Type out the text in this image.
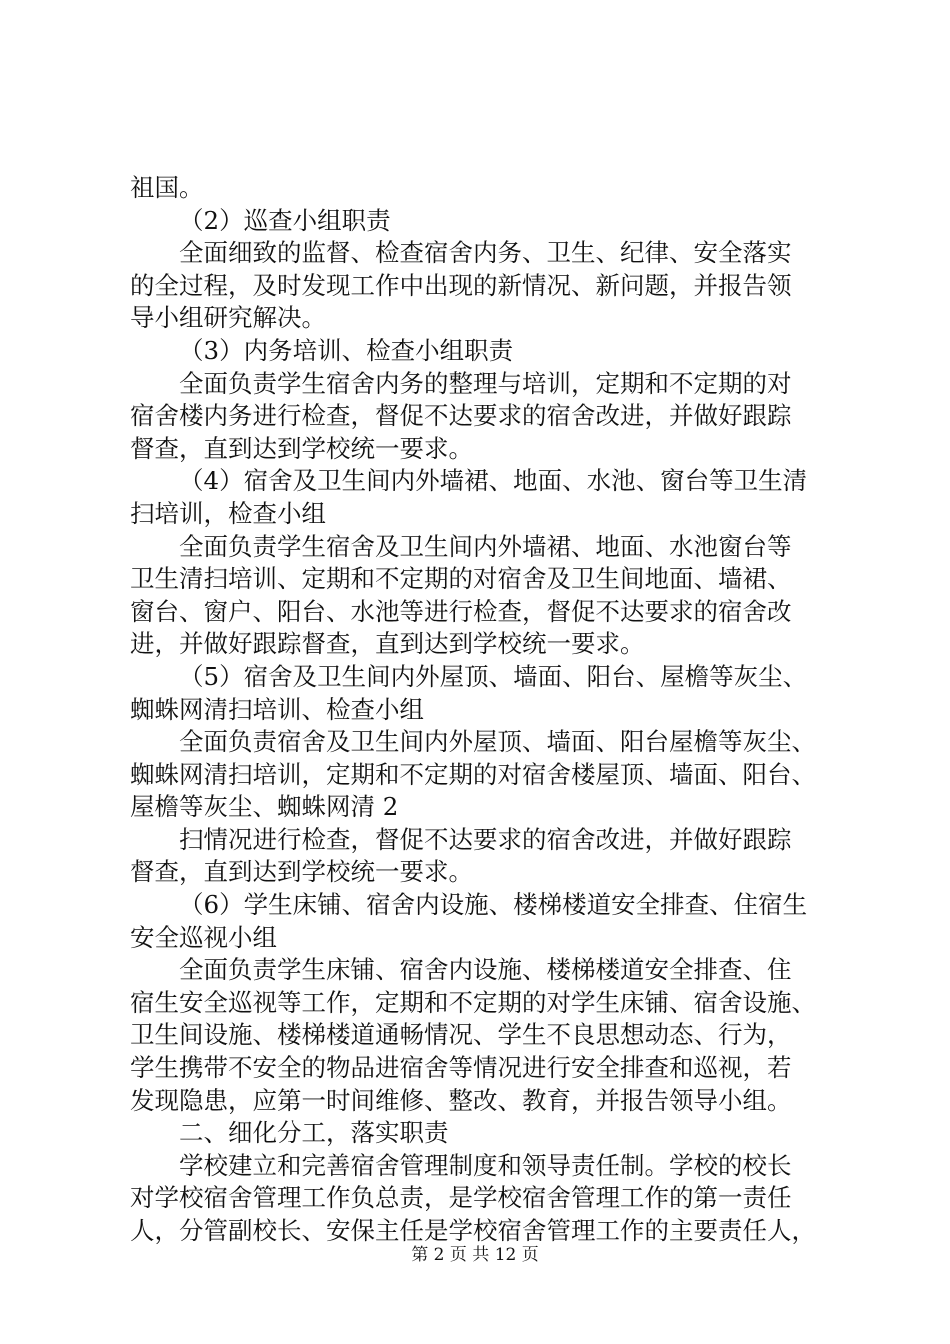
祖国。
（2）巡查小组职责
全面细致的监督、检查宿舍内务、卫生、纪律、安全落实
的全过程，及时发现工作中出现的新情况、新问题，并报告领
导小组研究解决。
（3）内务培训、检查小组职责
全面负责学生宿舍内务的整理与培训，定期和不定期的对
宿舍楼内务进行检查，督促不达要求的宿舍改进，并做好跟踪
督查，直到达到学校统一要求。
（4）宿舍及卫生间内外墙裙、地面、水池、窗台等卫生清
扫培训，检查小组
全面负责学生宿舍及卫生间内外墙裙、地面、水池窗台等
卫生清扫培训、定期和不定期的对宿舍及卫生间地面、墙裙、
窗台、窗户、阳台、水池等进行检查，督促不达要求的宿舍改
进，并做好跟踪督查，直到达到学校统一要求。
（5）宿舍及卫生间内外屋顶、墙面、阳台、屋檐等灰尘、
蜘蛛网清扫培训、检查小组
全面负责宿舍及卫生间内外屋顶、墙面、阳台屋檐等灰尘、
蜘蛛网清扫培训，定期和不定期的对宿舍楼屋顶、墙面、阳台、
屋檐等灰尘、蜘蛛网清 2
扫情况进行检查，督促不达要求的宿舍改进，并做好跟踪
督查，直到达到学校统一要求。
（6）学生床铺、宿舍内设施、楼梯楼道安全排查、住宿生
安全巡视小组
全面负责学生床铺、宿舍内设施、楼梯楼道安全排查、住
宿生安全巡视等工作，定期和不定期的对学生床铺、宿舍设施、
卫生间设施、楼梯楼道通畅情况、学生不良思想动态、行为，
学生携带不安全的物品进宿舍等情况进行安全排查和巡视，若
发现隐患，应第一时间维修、整改、教育，并报告领导小组。
二、细化分工，落实职责
学校建立和完善宿舍管理制度和领导责任制。学校的校长
对学校宿舍管理工作负总责，是学校宿舍管理工作的第一责任
人，分管副校长、安保主任是学校宿舍管理工作的主要责任人，
第 2 页 共 12 页
